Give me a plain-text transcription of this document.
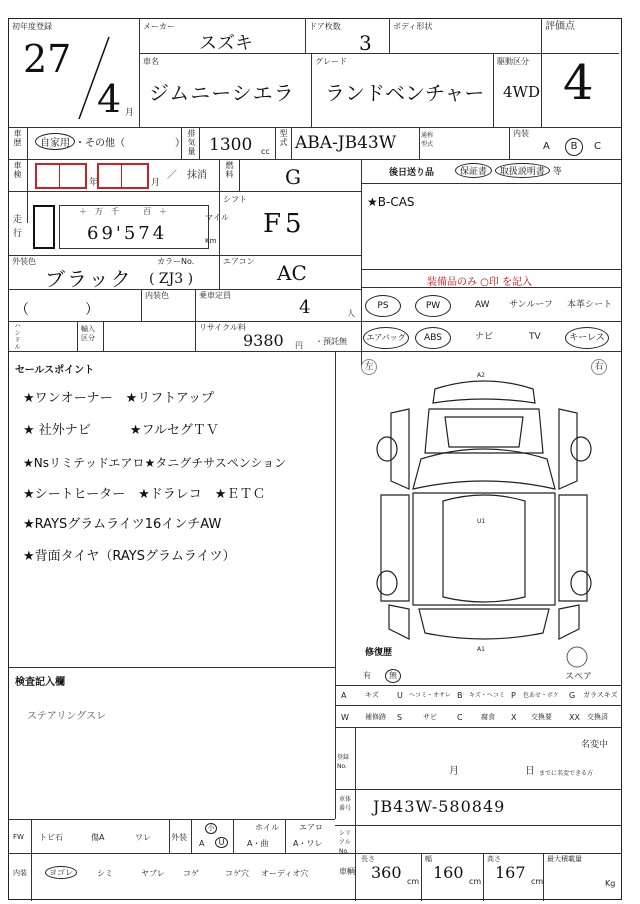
初年度登録
27
4 月
メーカー
スズキ
ドア枚数
3
ボディ形状	評価点
4
車名
ジムニーシエラ
グレード
ランドベンチャー
駆動区分
4WD
車歴	自家用 ・その他（　　　　　）
排気量 1300 cc
型式 ABA-JB43W	通称型式
内装
A	B	C
車検
年	月
／ 抹消
燃料	G	後日送り品	保証書 取扱説明書 等
★B-CAS
走行
＋万千　百＋
69'574
マイル
Km
シフト
F5
外装色
ブラック
カラーNo.
( ZJ3 )
エアコン AC	装備品のみ ○印 を記入
（　　　　）
内装色	乗車定員
4	人
PS	PW	AW サンルーフ 本革シート
エアバッグ	ABS	ナビ	TV	キーレス
ハンドル
輸入区分
リサイクル料
9380 円 ・預託無
セールスポイント
★ワンオーナー　★リフトアップ
★ 社外ナビ　　　★フルセグＴＶ
★Nsリミテッドエアロ★タニグチサスペンション
★シートヒーター　★ドラレコ　★ＥＴＣ
★RAYSグラムライツ16インチAW
★背面タイヤ（RAYSグラムライツ）
左	右
A2
U1
A1
修復歴
有	無	スペア
検査記入欄
ステアリングスレ
A	キズ U ヘコミ・オサレ B キズ・ヘコミ P 色あせ・ボケ G ガラスキズ
W 補修跡 S	サビ	C	腐食 X 交換要 XX 交換済
登録No.
名変中
月	日 までに名変できる方
車体番号 JB43W-580849
シリアルNo.
FW トビ石	傷A	ワレ	外装
小
A	U
ホイル
A・曲
エアロ
A・ワレ
内装	ヨゴレ	シミ	ヤブレ コゲ	コゲ穴 オーディオ穴	車輌
長さ
360 cm
幅
160 cm
高さ
167 cm
最大積載量
Kg
